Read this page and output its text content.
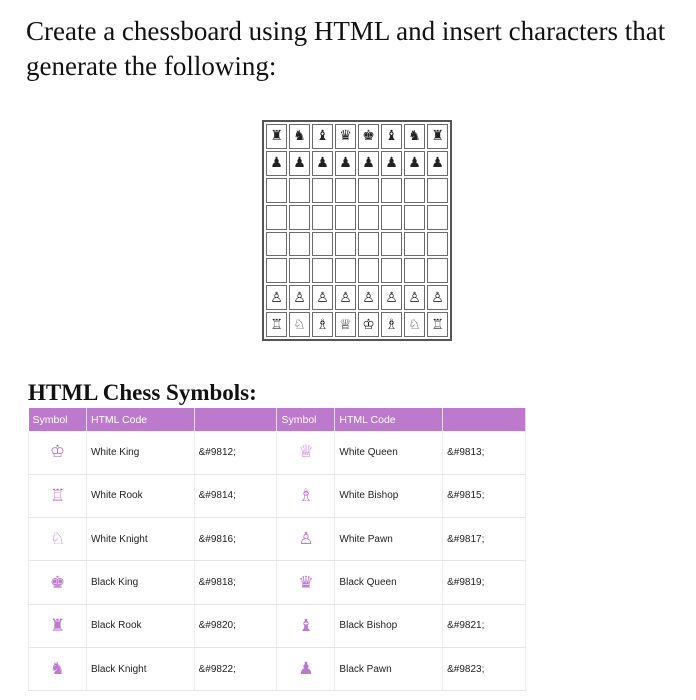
Create a chessboard using HTML and insert characters that generate the following:

♜ ♞ ♝ ♛ ♚ ♝ ♞ ♜
♟ ♟ ♟ ♟ ♟ ♟ ♟ ♟
♙ ♙ ♙ ♙ ♙ ♙ ♙ ♙
♖ ♘ ♗ ♕ ♔ ♗ ♘ ♖
HTML Chess Symbols:
Symbol	HTML Code		Symbol	HTML Code	
♔	White King	&#9812;	♕	White Queen	&#9813;
♖	White Rook	&#9814;	♗	White Bishop	&#9815;
♘	White Knight	&#9816;	♙	White Pawn	&#9817;
♚	Black King	&#9818;	♛	Black Queen	&#9819;
♜	Black Rook	&#9820;	♝	Black Bishop	&#9821;
♞	Black Knight	&#9822;	♟	Black Pawn	&#9823;
